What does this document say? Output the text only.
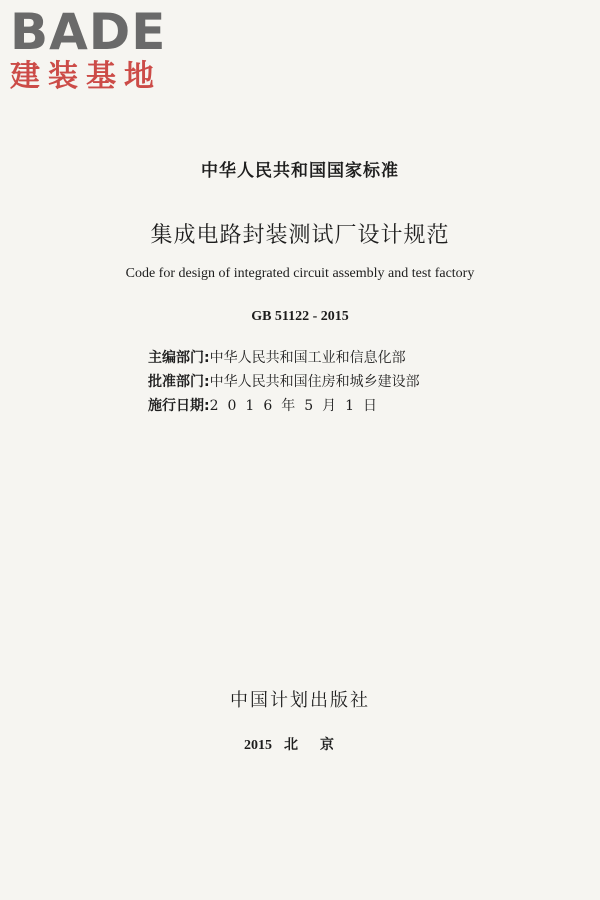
BADE
建装基地
中华人民共和国国家标准
集成电路封装测试厂设计规范
Code for design of integrated circuit assembly and test factory
GB 51122 - 2015
主编部门:中华人民共和国工业和信息化部
批准部门:中华人民共和国住房和城乡建设部
施行日期:2016年5月1日
中国计划出版社
2015 北京
